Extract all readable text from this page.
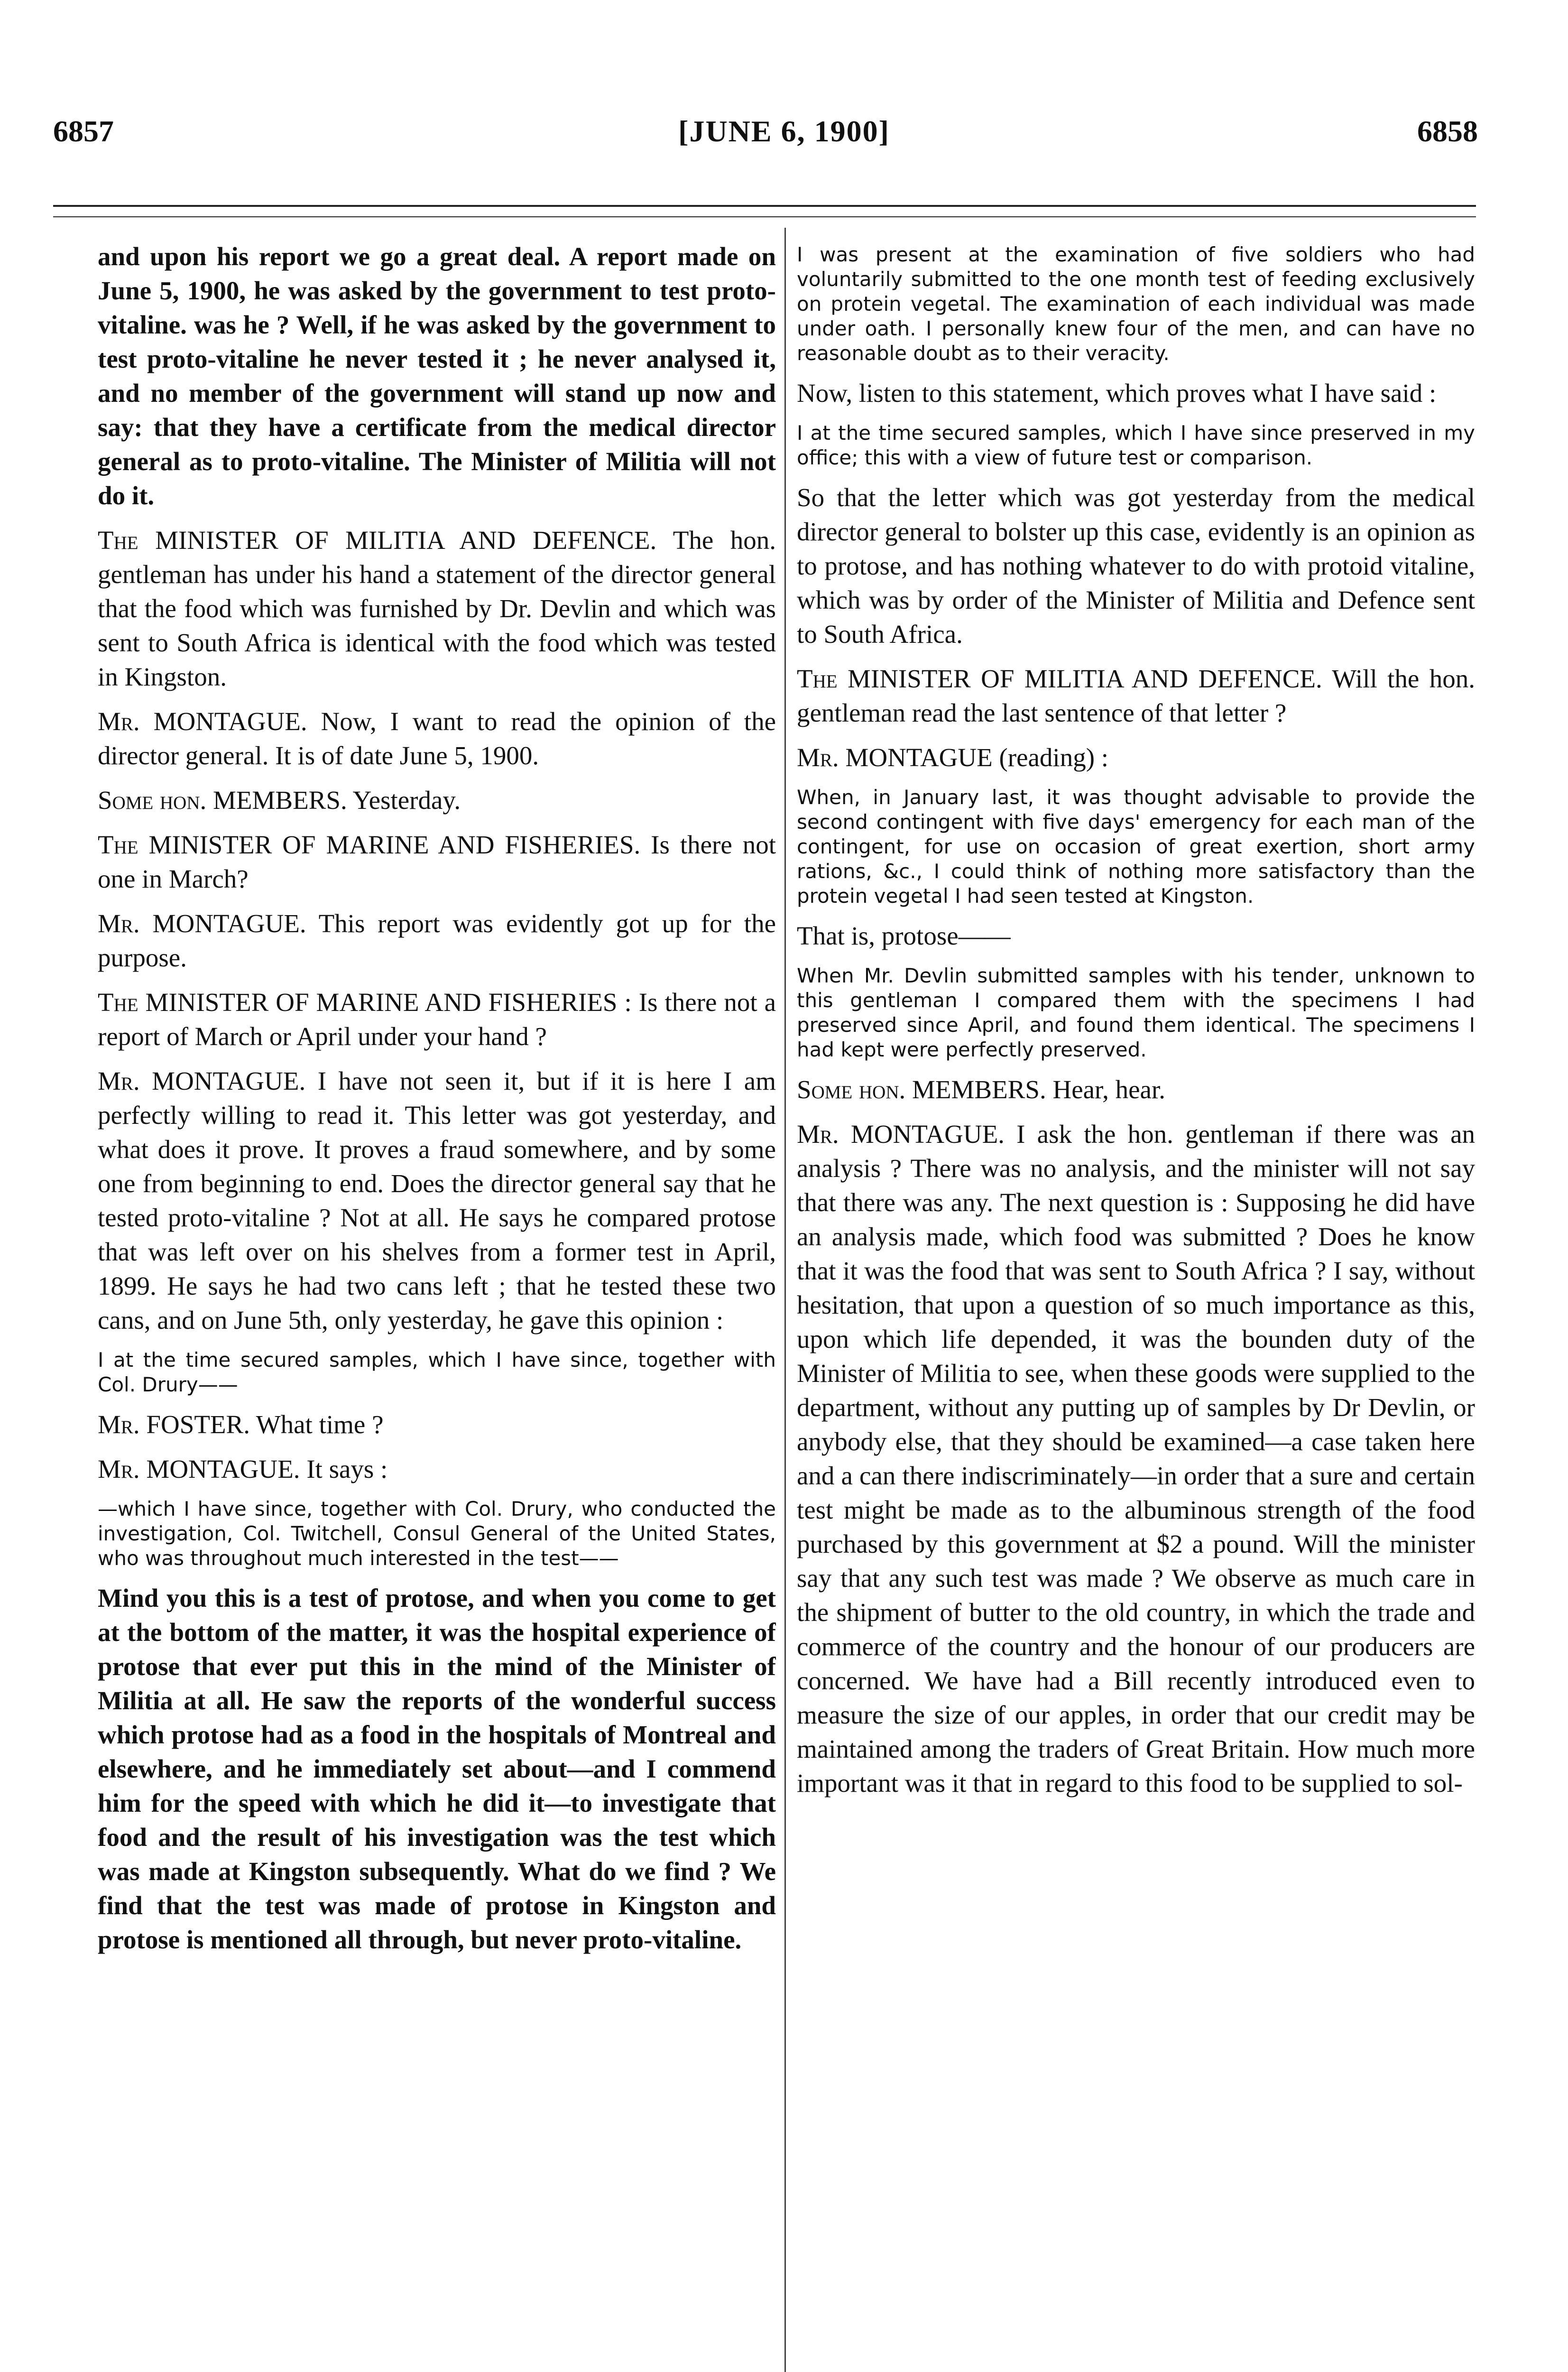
6857	[JUNE 6, 1900]	6858

and upon his report we go a great deal. A report made on June 5, 1900, he was asked by the government to test proto-vitaline. was he ? Well, if he was asked by the government to test proto-vitaline he never tested it ; he never analysed it, and no member of the government will stand up now and say: that they have a certificate from the medical director general as to proto-vitaline. The Minister of Militia will not do it.

The MINISTER OF MILITIA AND DEFENCE. The hon. gentleman has under his hand a statement of the director general that the food which was furnished by Dr. Devlin and which was sent to South Africa is identical with the food which was tested in Kingston.

Mr. MONTAGUE. Now, I want to read the opinion of the director general. It is of date June 5, 1900.

Some hon. MEMBERS. Yesterday.

The MINISTER OF MARINE AND FISHERIES. Is there not one in March?

Mr. MONTAGUE. This report was evidently got up for the purpose.

The MINISTER OF MARINE AND FISHERIES : Is there not a report of March or April under your hand ?

Mr. MONTAGUE. I have not seen it, but if it is here I am perfectly willing to read it. This letter was got yesterday, and what does it prove. It proves a fraud somewhere, and by some one from beginning to end. Does the director general say that he tested proto-vitaline ? Not at all. He says he compared protose that was left over on his shelves from a former test in April, 1899. He says he had two cans left ; that he tested these two cans, and on June 5th, only yesterday, he gave this opinion :

I at the time secured samples, which I have since, together with Col. Drury——

Mr. FOSTER. What time ?

Mr. MONTAGUE. It says :

—which I have since, together with Col. Drury, who conducted the investigation, Col. Twitchell, Consul General of the United States, who was throughout much interested in the test——

Mind you this is a test of protose, and when you come to get at the bottom of the matter, it was the hospital experience of protose that ever put this in the mind of the Minister of Militia at all. He saw the reports of the wonderful success which protose had as a food in the hospitals of Montreal and elsewhere, and he immediately set about—and I commend him for the speed with which he did it—to investigate that food and the result of his investigation was the test which was made at Kingston subsequently. What do we find ? We find that the test was made of protose in Kingston and protose is mentioned all through, but never proto-vitaline.

I was present at the examination of five soldiers who had voluntarily submitted to the one month test of feeding exclusively on protein vegetal. The examination of each individual was made under oath. I personally knew four of the men, and can have no reasonable doubt as to their veracity.

Now, listen to this statement, which proves what I have said :

I at the time secured samples, which I have since preserved in my office; this with a view of future test or comparison.

So that the letter which was got yesterday from the medical director general to bolster up this case, evidently is an opinion as to protose, and has nothing whatever to do with protoid vitaline, which was by order of the Minister of Militia and Defence sent to South Africa.

The MINISTER OF MILITIA AND DEFENCE. Will the hon. gentleman read the last sentence of that letter ?

Mr. MONTAGUE (reading) :

When, in January last, it was thought advisable to provide the second contingent with five days' emergency for each man of the contingent, for use on occasion of great exertion, short army rations, &c., I could think of nothing more satisfactory than the protein vegetal I had seen tested at Kingston.

That is, protose——

When Mr. Devlin submitted samples with his tender, unknown to this gentleman I compared them with the specimens I had preserved since April, and found them identical. The specimens I had kept were perfectly preserved.

Some hon. MEMBERS. Hear, hear.

Mr. MONTAGUE. I ask the hon. gentleman if there was an analysis ? There was no analysis, and the minister will not say that there was any. The next question is : Supposing he did have an analysis made, which food was submitted ? Does he know that it was the food that was sent to South Africa ? I say, without hesitation, that upon a question of so much importance as this, upon which life depended, it was the bounden duty of the Minister of Militia to see, when these goods were supplied to the department, without any putting up of samples by Dr Devlin, or anybody else, that they should be examined—a case taken here and a can there indiscriminately—in order that a sure and certain test might be made as to the albuminous strength of the food purchased by this government at $2 a pound. Will the minister say that any such test was made ? We observe as much care in the shipment of butter to the old country, in which the trade and commerce of the country and the honour of our producers are concerned. We have had a Bill recently introduced even to measure the size of our apples, in order that our credit may be maintained among the traders of Great Britain. How much more important was it that in regard to this food to be supplied to sol-
